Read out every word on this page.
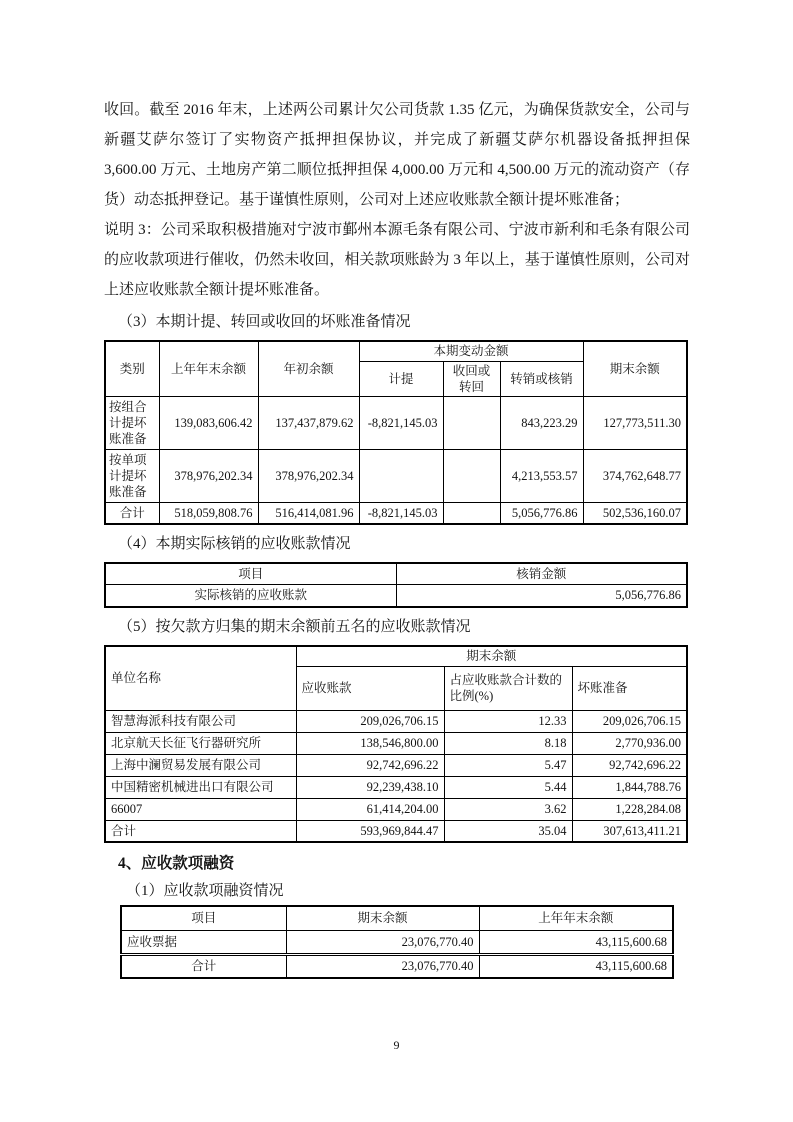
收回。截至 2016 年末，上述两公司累计欠公司货款 1.35 亿元，为确保货款安全，公司与新疆艾萨尔签订了实物资产抵押担保协议，并完成了新疆艾萨尔机器设备抵押担保 3,600.00 万元、土地房产第二顺位抵押担保 4,000.00 万元和 4,500.00 万元的流动资产（存货）动态抵押登记。基于谨慎性原则，公司对上述应收账款全额计提坏账准备；

说明 3：公司采取积极措施对宁波市鄞州本源毛条有限公司、宁波市新利和毛条有限公司的应收款项进行催收，仍然未收回，相关款项账龄为 3 年以上，基于谨慎性原则，公司对上述应收账款全额计提坏账准备。

（3）本期计提、转回或收回的坏账准备情况
类别	上年年末余额	年初余额	本期变动金额			期末余额
			计提	收回或转回	转销或核销	
按组合计提坏账准备	139,083,606.42	137,437,879.62	-8,821,145.03		843,223.29	127,773,511.30
按单项计提坏账准备	378,976,202.34	378,976,202.34			4,213,553.57	374,762,648.77
合计	518,059,808.76	516,414,081.96	-8,821,145.03		5,056,776.86	502,536,160.07
（4）本期实际核销的应收账款情况
项目	核销金额
实际核销的应收账款	5,056,776.86
（5）按欠款方归集的期末余额前五名的应收账款情况
单位名称	期末余额		
	应收账款	占应收账款合计数的比例(%)	坏账准备
智慧海派科技有限公司	209,026,706.15	12.33	209,026,706.15
北京航天长征飞行器研究所	138,546,800.00	8.18	2,770,936.00
上海中澜贸易发展有限公司	92,742,696.22	5.47	92,742,696.22
中国精密机械进出口有限公司	92,239,438.10	5.44	1,844,788.76
66007	61,414,204.00	3.62	1,228,284.08
合计	593,969,844.47	35.04	307,613,411.21
4、应收款项融资
（1）应收款项融资情况
项目	期末余额	上年年末余额
应收票据	23,076,770.40	43,115,600.68
合计	23,076,770.40	43,115,600.68
9
